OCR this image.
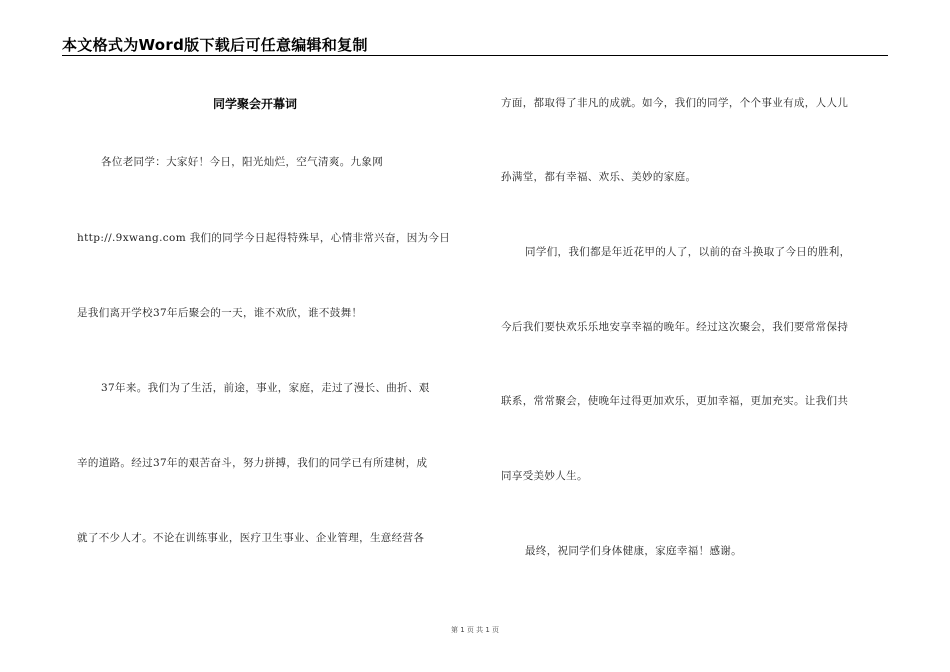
本文格式为Word版下载后可任意编辑和复制
同学聚会开幕词
各位老同学：大家好！今日，阳光灿烂，空气清爽。九象网
http://.9xwang.com 我们的同学今日起得特殊早，心情非常兴奋，因为今日
是我们离开学校37年后聚会的一天，谁不欢欣，谁不鼓舞！
37年来。我们为了生活，前途，事业，家庭，走过了漫长、曲折、艰
辛的道路。经过37年的艰苦奋斗，努力拼搏，我们的同学已有所建树，成
就了不少人才。不论在训练事业，医疗卫生事业、企业管理，生意经营各
方面，都取得了非凡的成就。如今，我们的同学，个个事业有成，人人儿
孙满堂，都有幸福、欢乐、美妙的家庭。
同学们，我们都是年近花甲的人了，以前的奋斗换取了今日的胜利，
今后我们要快欢乐乐地安享幸福的晚年。经过这次聚会，我们要常常保持
联系，常常聚会，使晚年过得更加欢乐，更加幸福，更加充实。让我们共
同享受美妙人生。
最终，祝同学们身体健康，家庭幸福！感谢。
第 1 页 共 1 页
